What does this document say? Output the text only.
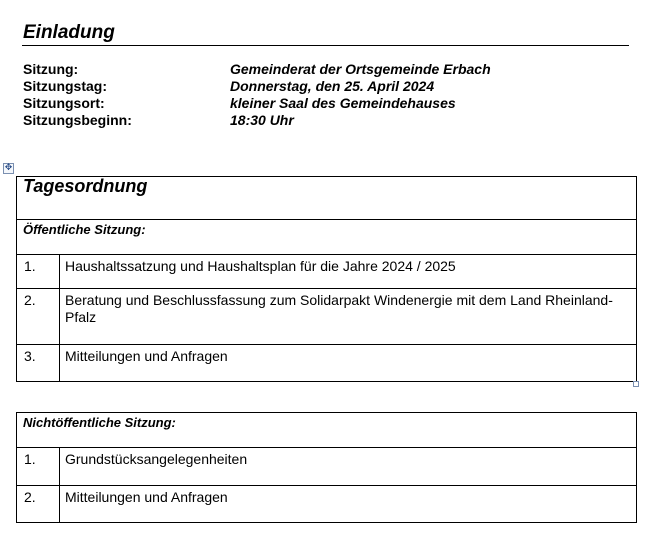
Einladung
Sitzung:	Gemeinderat der Ortsgemeinde Erbach
Sitzungstag:	Donnerstag, den 25. April 2024
Sitzungsort:	kleiner Saal des Gemeindehauses
Sitzungsbeginn:	18:30 Uhr
✥
Tagesordnung	
Öffentliche Sitzung:	
1.	Haushaltssatzung und Haushaltsplan für die Jahre 2024 / 2025
2.	Beratung und Beschlussfassung zum Solidarpakt Windenergie mit dem Land Rheinland-Pfalz
3.	Mitteilungen und Anfragen
Nichtöffentliche Sitzung:	
1.	Grundstücksangelegenheiten
2.	Mitteilungen und Anfragen
